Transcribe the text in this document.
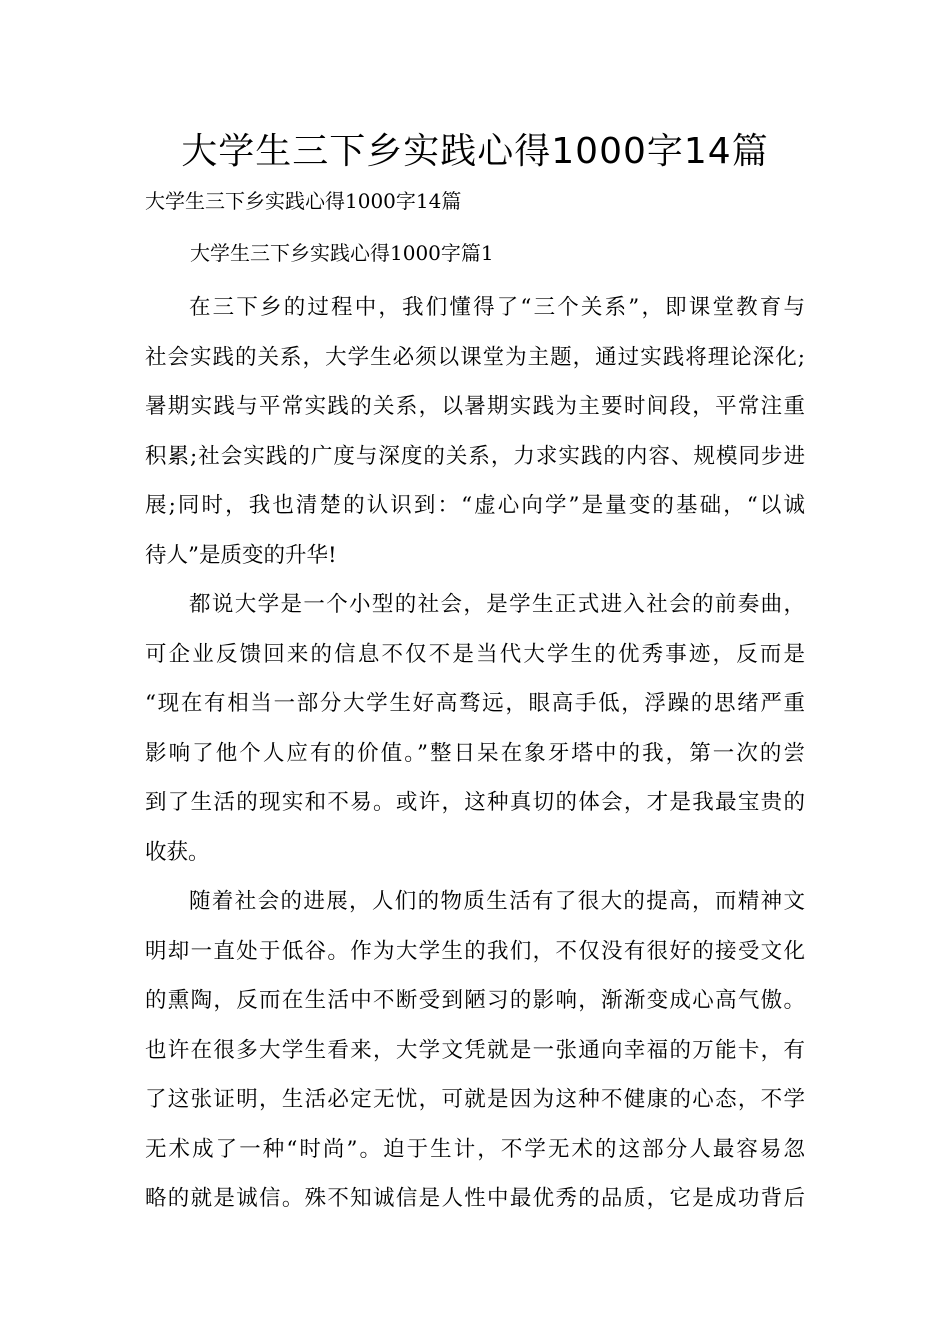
大学生三下乡实践心得1000字14篇
大学生三下乡实践心得1000字14篇
大学生三下乡实践心得1000字篇1
在三下乡的过程中，我们懂得了“三个关系”，即课堂教育与
社会实践的关系，大学生必须以课堂为主题，通过实践将理论深化;
暑期实践与平常实践的关系，以暑期实践为主要时间段，平常注重
积累;社会实践的广度与深度的关系，力求实践的内容、规模同步进
展;同时，我也清楚的认识到：“虚心向学”是量变的基础，“以诚
待人”是质变的升华!
都说大学是一个小型的社会，是学生正式进入社会的前奏曲，
可企业反馈回来的信息不仅不是当代大学生的优秀事迹，反而是
“现在有相当一部分大学生好高骛远，眼高手低，浮躁的思绪严重
影响了他个人应有的价值。”整日呆在象牙塔中的我，第一次的尝
到了生活的现实和不易。或许，这种真切的体会，才是我最宝贵的
收获。
随着社会的进展，人们的物质生活有了很大的提高，而精神文
明却一直处于低谷。作为大学生的我们，不仅没有很好的接受文化
的熏陶，反而在生活中不断受到陋习的影响，渐渐变成心高气傲。
也许在很多大学生看来，大学文凭就是一张通向幸福的万能卡，有
了这张证明，生活必定无忧，可就是因为这种不健康的心态，不学
无术成了一种“时尚”。迫于生计，不学无术的这部分人最容易忽
略的就是诚信。殊不知诚信是人性中最优秀的品质，它是成功背后
